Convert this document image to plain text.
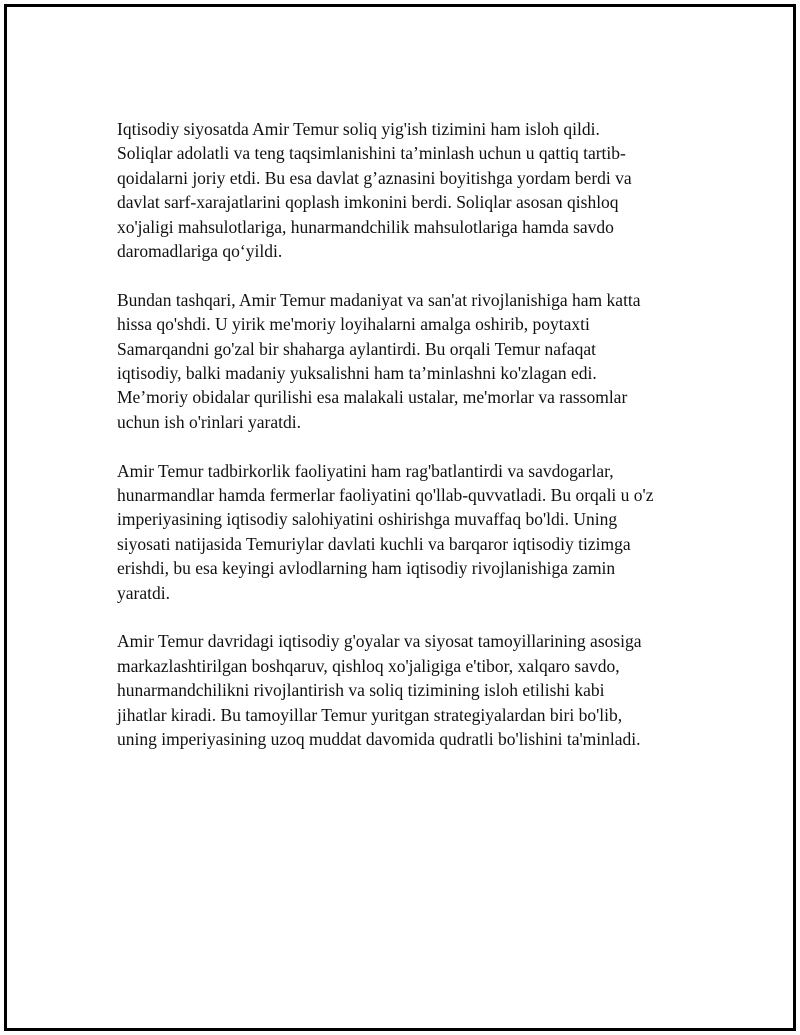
Iqtisodiy siyosatda Amir Temur soliq yig'ish tizimini ham isloh qildi.
Soliqlar adolatli va teng taqsimlanishini ta’minlash uchun u qattiq tartib-
qoidalarni joriy etdi. Bu esa davlat g’aznasini boyitishga yordam berdi va
davlat sarf-xarajatlarini qoplash imkonini berdi. Soliqlar asosan qishloq
xo'jaligi mahsulotlariga, hunarmandchilik mahsulotlariga hamda savdo
daromadlariga qo‘yildi.

Bundan tashqari, Amir Temur madaniyat va san'at rivojlanishiga ham katta
hissa qo'shdi. U yirik me'moriy loyihalarni amalga oshirib, poytaxti
Samarqandni go'zal bir shaharga aylantirdi. Bu orqali Temur nafaqat
iqtisodiy, balki madaniy yuksalishni ham ta’minlashni ko'zlagan edi.
Me’moriy obidalar qurilishi esa malakali ustalar, me'morlar va rassomlar
uchun ish o'rinlari yaratdi.

Amir Temur tadbirkorlik faoliyatini ham rag'batlantirdi va savdogarlar,
hunarmandlar hamda fermerlar faoliyatini qo'llab-quvvatladi. Bu orqali u o'z
imperiyasining iqtisodiy salohiyatini oshirishga muvaffaq bo'ldi. Uning
siyosati natijasida Temuriylar davlati kuchli va barqaror iqtisodiy tizimga
erishdi, bu esa keyingi avlodlarning ham iqtisodiy rivojlanishiga zamin
yaratdi.

Amir Temur davridagi iqtisodiy g'oyalar va siyosat tamoyillarining asosiga
markazlashtirilgan boshqaruv, qishloq xo'jaligiga e'tibor, xalqaro savdo,
hunarmandchilikni rivojlantirish va soliq tizimining isloh etilishi kabi
jihatlar kiradi. Bu tamoyillar Temur yuritgan strategiyalardan biri bo'lib,
uning imperiyasining uzoq muddat davomida qudratli bo'lishini ta'minladi.
